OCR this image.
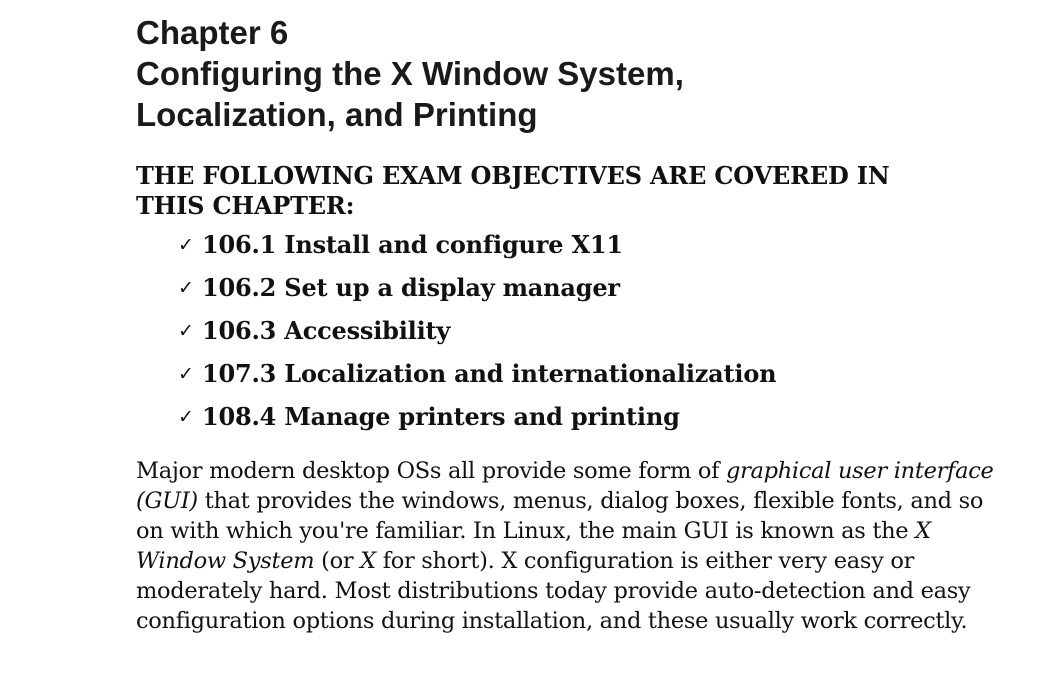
Chapter 6
Configuring the X Window System,
Localization, and Printing
THE FOLLOWING EXAM OBJECTIVES ARE COVERED IN
THIS CHAPTER:
✓ 106.1 Install and configure X11
✓ 106.2 Set up a display manager
✓ 106.3 Accessibility
✓ 107.3 Localization and internationalization
✓ 108.4 Manage printers and printing

Major modern desktop OSs all provide some form of graphical user interface (GUI) that provides the windows, menus, dialog boxes, flexible fonts, and so on with which you're familiar. In Linux, the main GUI is known as the X Window System (or X for short). X configuration is either very easy or moderately hard. Most distributions today provide auto-detection and easy configuration options during installation, and these usually work correctly.
